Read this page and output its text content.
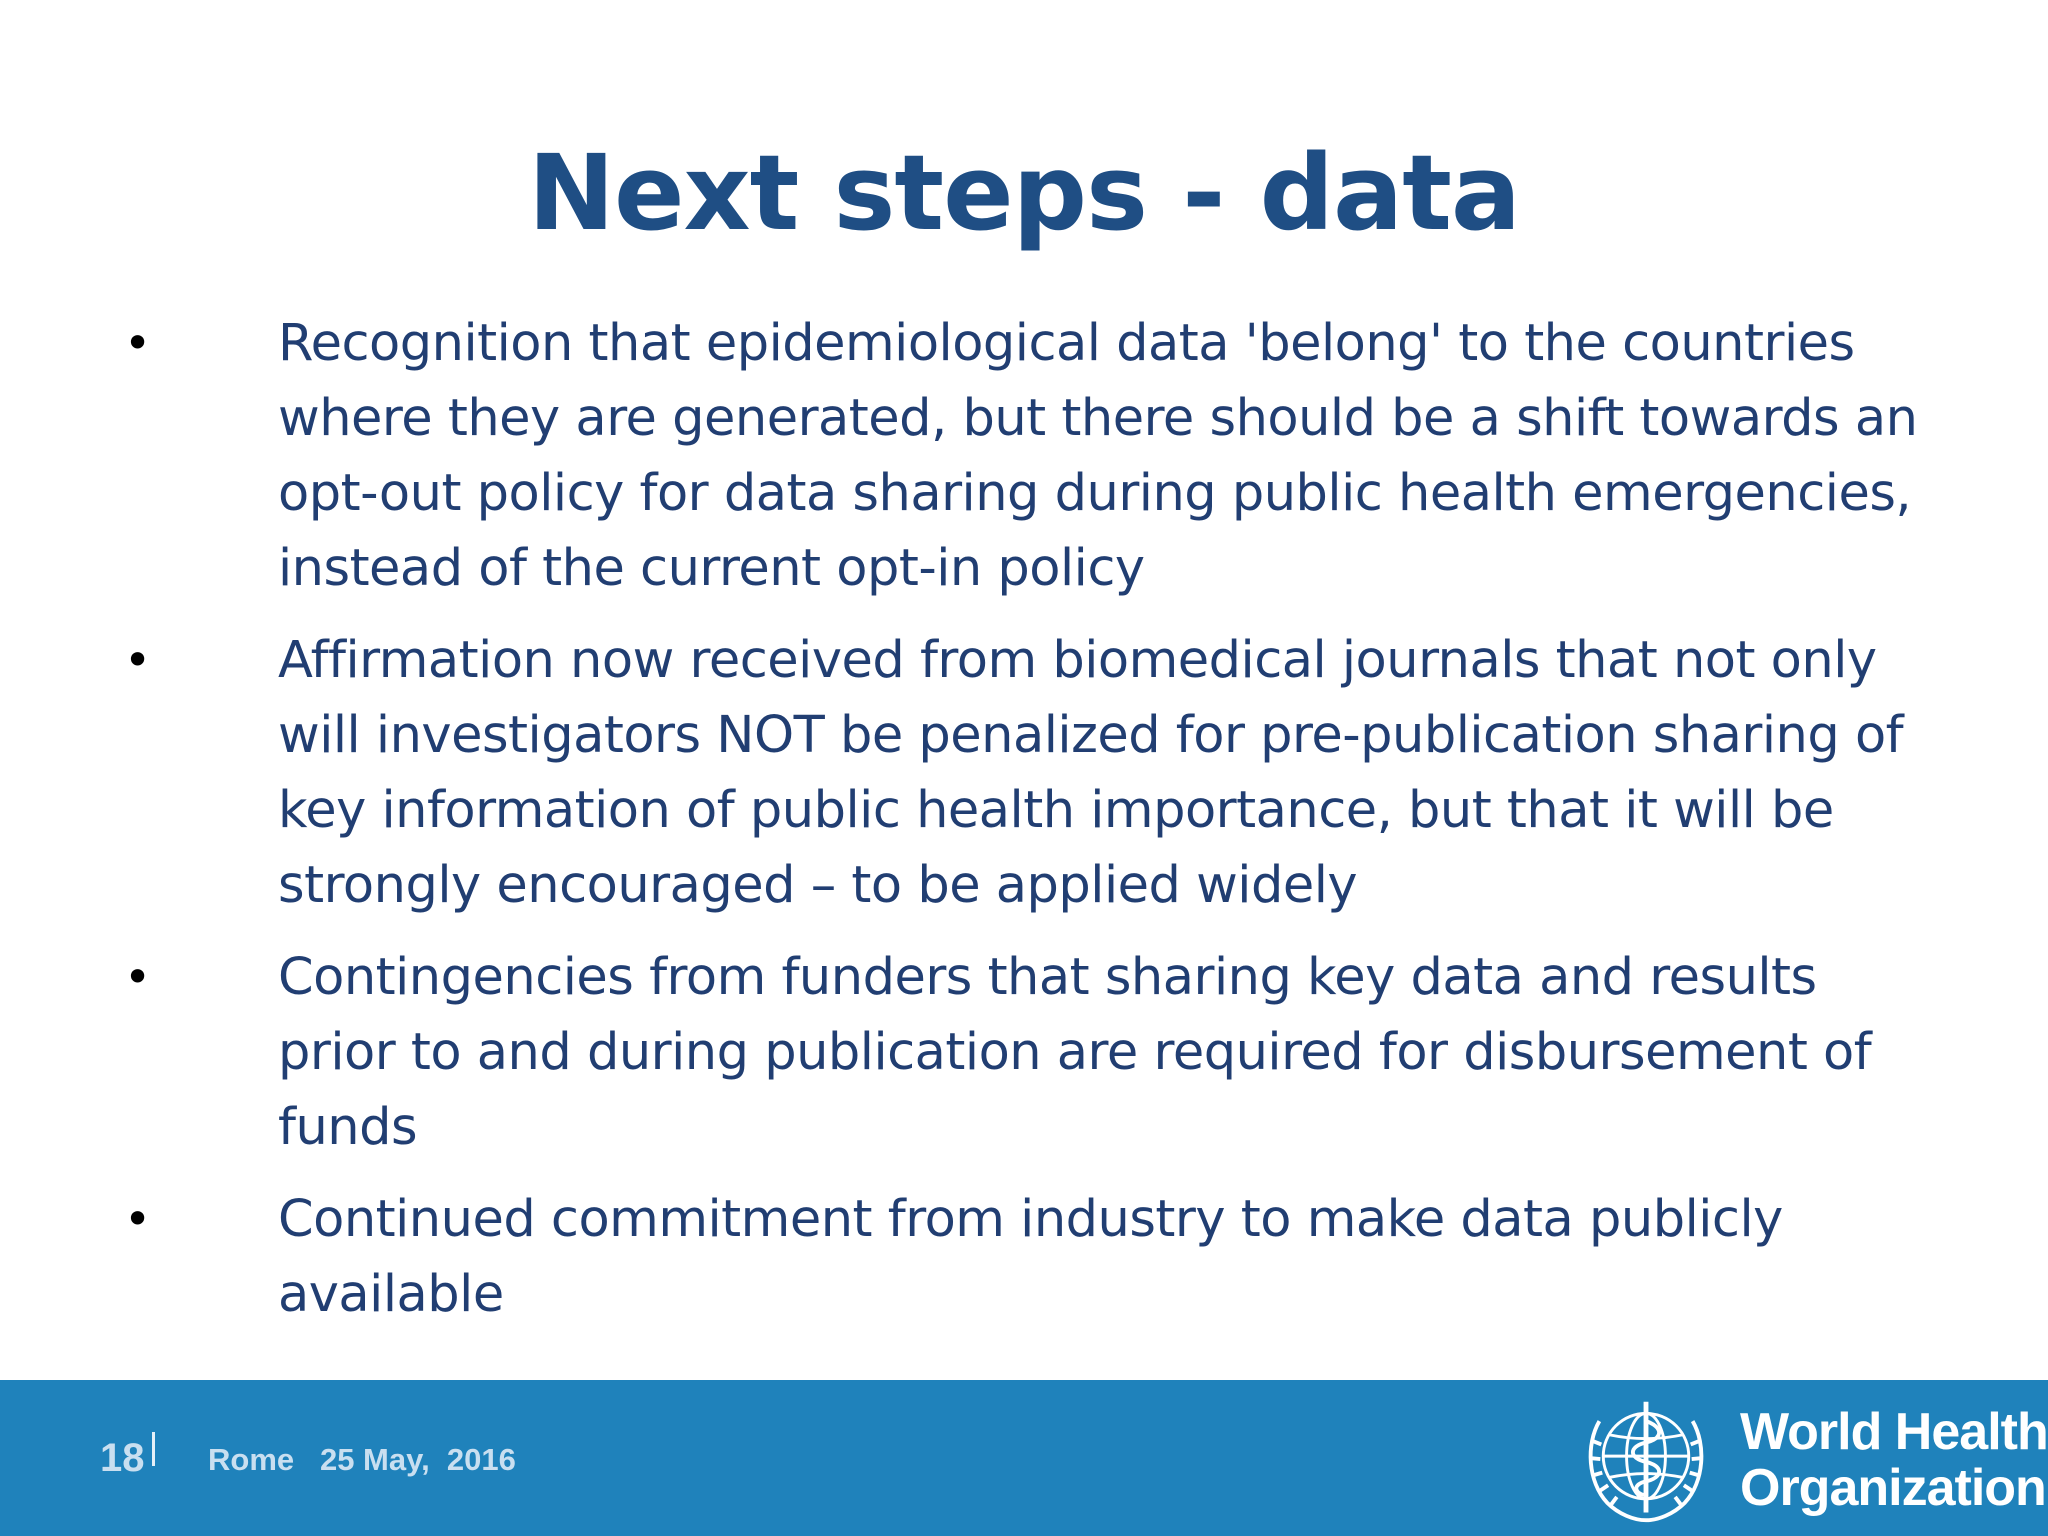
Next steps - data
• Recognition that epidemiological data 'belong' to the countries where they are generated, but there should be a shift towards an opt-out policy for data sharing during public health emergencies, instead of the current opt-in policy
• Affirmation now received from biomedical journals that not only will investigators NOT be penalized for pre-publication sharing of key information of public health importance, but that it will be strongly encouraged – to be applied widely
• Contingencies from funders that sharing key data and results prior to and during publication are required for disbursement of funds
• Continued commitment from industry to make data publicly available
18 Rome   25 May,  2016	World Health
Organization
